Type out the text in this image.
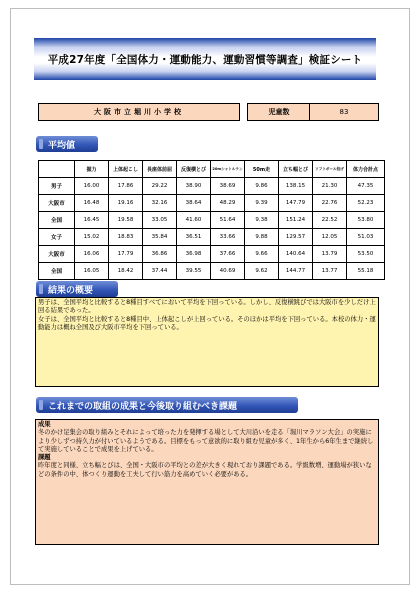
平成27年度「全国体力・運動能力、運動習慣等調査」検証シート
大阪市立堀川小学校	児童数	83
平均値
	握力	上体起こし	長座体前屈	反復横とび	20mシャトルラン	50m走	立ち幅とび	ソフトボール投げ	体力合計点
男子	16.00	17.86	29.22	38.90	38.69	9.86	138.15	21.30	47.35
大阪市	16.48	19.16	32.16	38.64	48.29	9.39	147.79	22.76	52.23
全国	16.45	19.58	33.05	41.60	51.64	9.38	151.24	22.52	53.80
女子	15.02	18.83	35.84	36.51	33.66	9.88	129.57	12.05	51.03
大阪市	16.06	17.79	36.86	36.98	37.66	9.66	140.64	13.79	53.50
全国	16.05	18.42	37.44	39.55	40.69	9.62	144.77	13.77	55.18
結果の概要

男子は、全国平均と比較すると8種目すべてにおいて平均を下回っている。しかし、反復横跳びでは大阪市を少しだけ上回る結果であった。

女子は、全国平均と比較すると8種目中、上体起こしが上回っている。そのほかは平均を下回っている。本校の体力・運動能力は概ね全国及び大阪市平均を下回っている。

これまでの取組の成果と今後取り組むべき課題

成果

冬のかけ足集会の取り組みとそれによって培った力を発揮する場として大川沿いを走る「堀川マラソン大会」の実施により少しずつ持久力が付いているようである。目標をもって意欲的に取り組む児童が多く、1年生から6年生まで継続して実施していることで成果を上げている。

課題

昨年度と同様、立ち幅とびは、全国・大阪市の平均との差が大きく現れており課題である。学級数増、運動場が狭いなどの条件の中、体つくり運動を工夫して行い筋力を高めていく必要がある。
